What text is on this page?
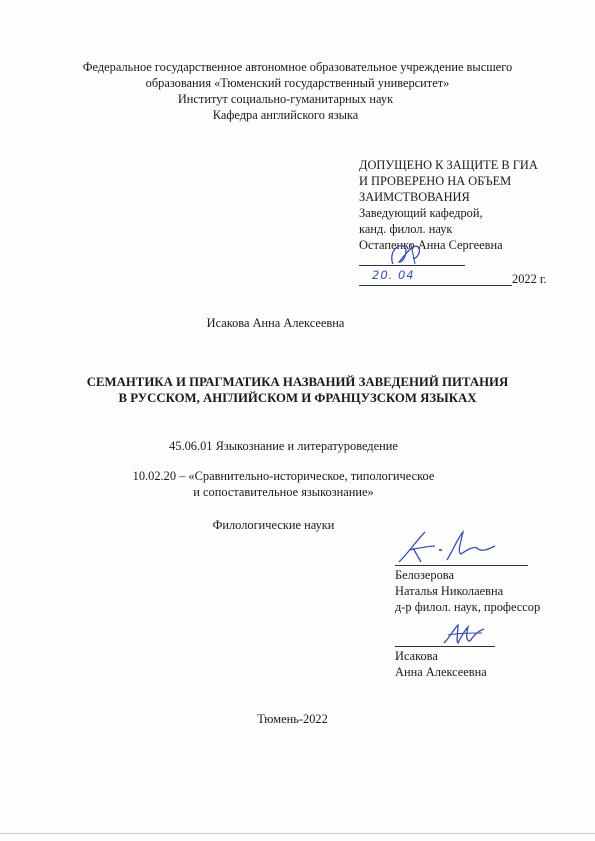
Федеральное государственное автономное образовательное учреждение высшего
образования «Тюменский государственный университет»
Институт социально-гуманитарных наук
Кафедра английского языка
ДОПУЩЕНО К ЗАЩИТЕ В ГИА
И ПРОВЕРЕНО НА ОБЪЕМ
ЗАИМСТВОВАНИЯ
Заведующий кафедрой,
канд. филол. наук
Остапенко Анна Сергеевна
20. 04	2022 г.
Исакова Анна Алексеевна
СЕМАНТИКА И ПРАГМАТИКА НАЗВАНИЙ ЗАВЕДЕНИЙ ПИТАНИЯ
В РУССКОМ, АНГЛИЙСКОМ И ФРАНЦУЗСКОМ ЯЗЫКАХ
45.06.01 Языкознание и литературоведение
10.02.20 – «Сравнительно-историческое, типологическое
и сопоставительное языкознание»
Филологические науки
Белозерова
Наталья Николаевна
д-р филол. наук, профессор
Исакова
Анна Алексеевна
Тюмень-2022
